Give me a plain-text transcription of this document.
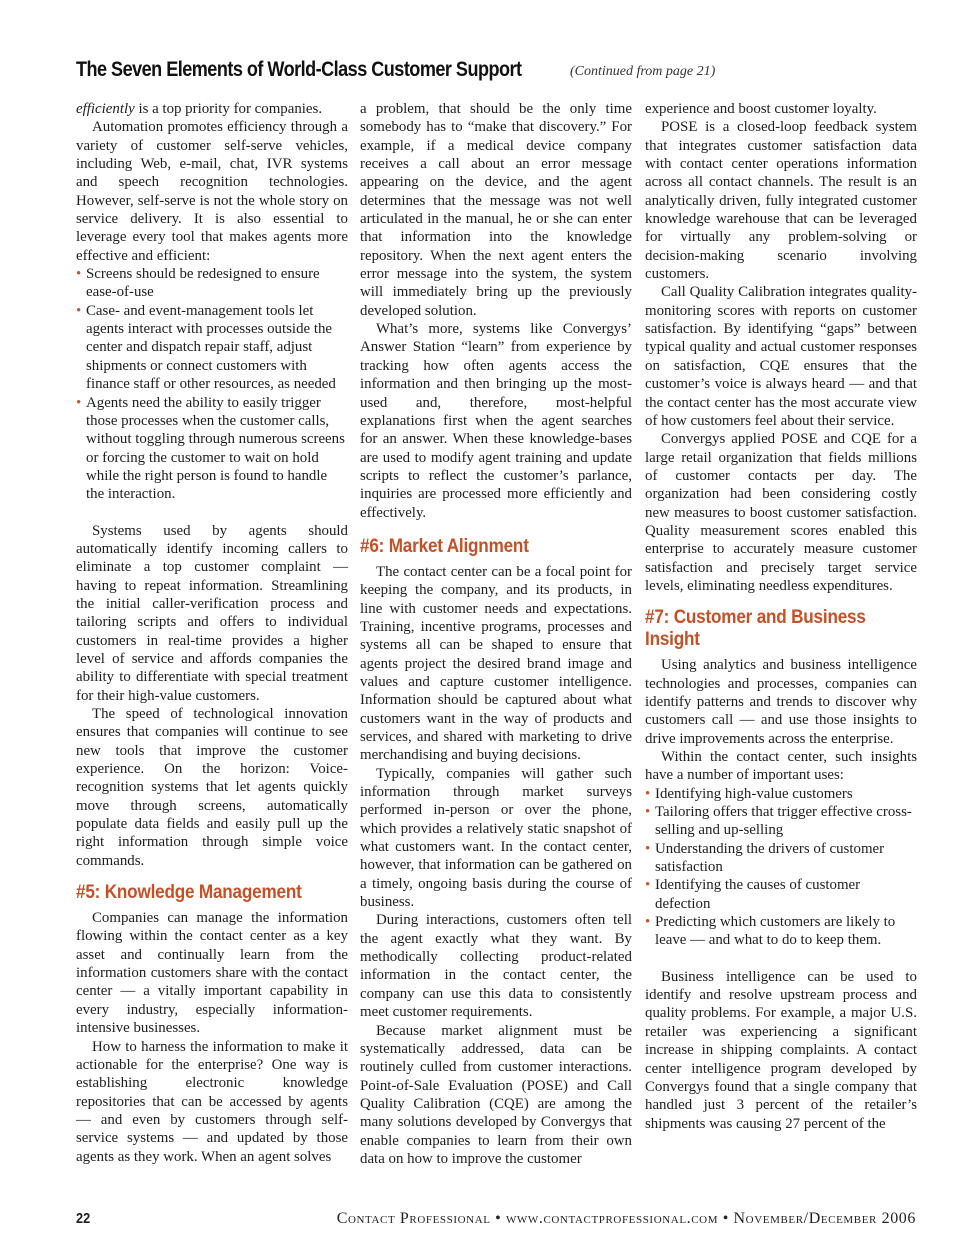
The Seven Elements of World-Class Customer Support	(Continued from page 21)

efficiently is a top priority for companies.

Automation promotes efficiency through a variety of customer self-serve vehicles, including Web, e-mail, chat, IVR systems and speech recognition technologies. However, self-serve is not the whole story on service delivery. It is also essential to leverage every tool that makes agents more effective and efficient:

• Screens should be redesigned to ensure ease-of-use
• Case- and event-management tools let agents interact with processes outside the center and dispatch repair staff, adjust shipments or connect customers with finance staff or other resources, as needed
• Agents need the ability to easily trigger those processes when the customer calls, without toggling through numerous screens or forcing the customer to wait on hold while the right person is found to handle the interaction.

Systems used by agents should automatically identify incoming callers to eliminate a top customer complaint — having to repeat information. Streamlining the initial caller-verification process and tailoring scripts and offers to individual customers in real-time provides a higher level of service and affords companies the ability to differentiate with special treatment for their high-value customers.

The speed of technological innovation ensures that companies will continue to see new tools that improve the customer experience. On the horizon: Voice-recognition systems that let agents quickly move through screens, automatically populate data fields and easily pull up the right information through simple voice commands.

#5: Knowledge Management

Companies can manage the information flowing within the contact center as a key asset and continually learn from the information customers share with the contact center — a vitally important capability in every industry, especially information-intensive businesses.

How to harness the information to make it actionable for the enterprise? One way is establishing electronic knowledge repositories that can be accessed by agents — and even by customers through self-service systems — and updated by those agents as they work. When an agent solves

a problem, that should be the only time somebody has to “make that discovery.” For example, if a medical device company receives a call about an error message appearing on the device, and the agent determines that the message was not well articulated in the manual, he or she can enter that information into the knowledge repository. When the next agent enters the error message into the system, the system will immediately bring up the previously developed solution.

What’s more, systems like Convergys’ Answer Station “learn” from experience by tracking how often agents access the information and then bringing up the most-used and, therefore, most-helpful explanations first when the agent searches for an answer. When these knowledge-bases are used to modify agent training and update scripts to reflect the customer’s parlance, inquiries are processed more efficiently and effectively.

#6: Market Alignment

The contact center can be a focal point for keeping the company, and its products, in line with customer needs and expectations. Training, incentive programs, processes and systems all can be shaped to ensure that agents project the desired brand image and values and capture customer intelligence. Information should be captured about what customers want in the way of products and services, and shared with marketing to drive merchandising and buying decisions.

Typically, companies will gather such information through market surveys performed in-person or over the phone, which provides a relatively static snapshot of what customers want. In the contact center, however, that information can be gathered on a timely, ongoing basis during the course of business.

During interactions, customers often tell the agent exactly what they want. By methodically collecting product-related information in the contact center, the company can use this data to consistently meet customer requirements.

Because market alignment must be systematically addressed, data can be routinely culled from customer interactions. Point-of-Sale Evaluation (POSE) and Call Quality Calibration (CQE) are among the many solutions developed by Convergys that enable companies to learn from their own data on how to improve the customer

experience and boost customer loyalty.

POSE is a closed-loop feedback system that integrates customer satisfaction data with contact center operations information across all contact channels. The result is an analytically driven, fully integrated customer knowledge warehouse that can be leveraged for virtually any problem-solving or decision-making scenario involving customers.

Call Quality Calibration integrates quality-monitoring scores with reports on customer satisfaction. By identifying “gaps” between typical quality and actual customer responses on satisfaction, CQE ensures that the customer’s voice is always heard — and that the contact center has the most accurate view of how customers feel about their service.

Convergys applied POSE and CQE for a large retail organization that fields millions of customer contacts per day. The organization had been considering costly new measures to boost customer satisfaction. Quality measurement scores enabled this enterprise to accurately measure customer satisfaction and precisely target service levels, eliminating needless expenditures.

#7: Customer and Business Insight

Using analytics and business intelligence technologies and processes, companies can identify patterns and trends to discover why customers call — and use those insights to drive improvements across the enterprise.

Within the contact center, such insights have a number of important uses:

• Identifying high-value customers
• Tailoring offers that trigger effective cross-selling and up-selling
• Understanding the drivers of customer satisfaction
• Identifying the causes of customer defection
• Predicting which customers are likely to leave — and what to do to keep them.

Business intelligence can be used to identify and resolve upstream process and quality problems. For example, a major U.S. retailer was experiencing a significant increase in shipping complaints. A contact center intelligence program developed by Convergys found that a single company that handled just 3 percent of the retailer’s shipments was causing 27 percent of the

22	Contact Professional • www.contactprofessional.com • November/December 2006
